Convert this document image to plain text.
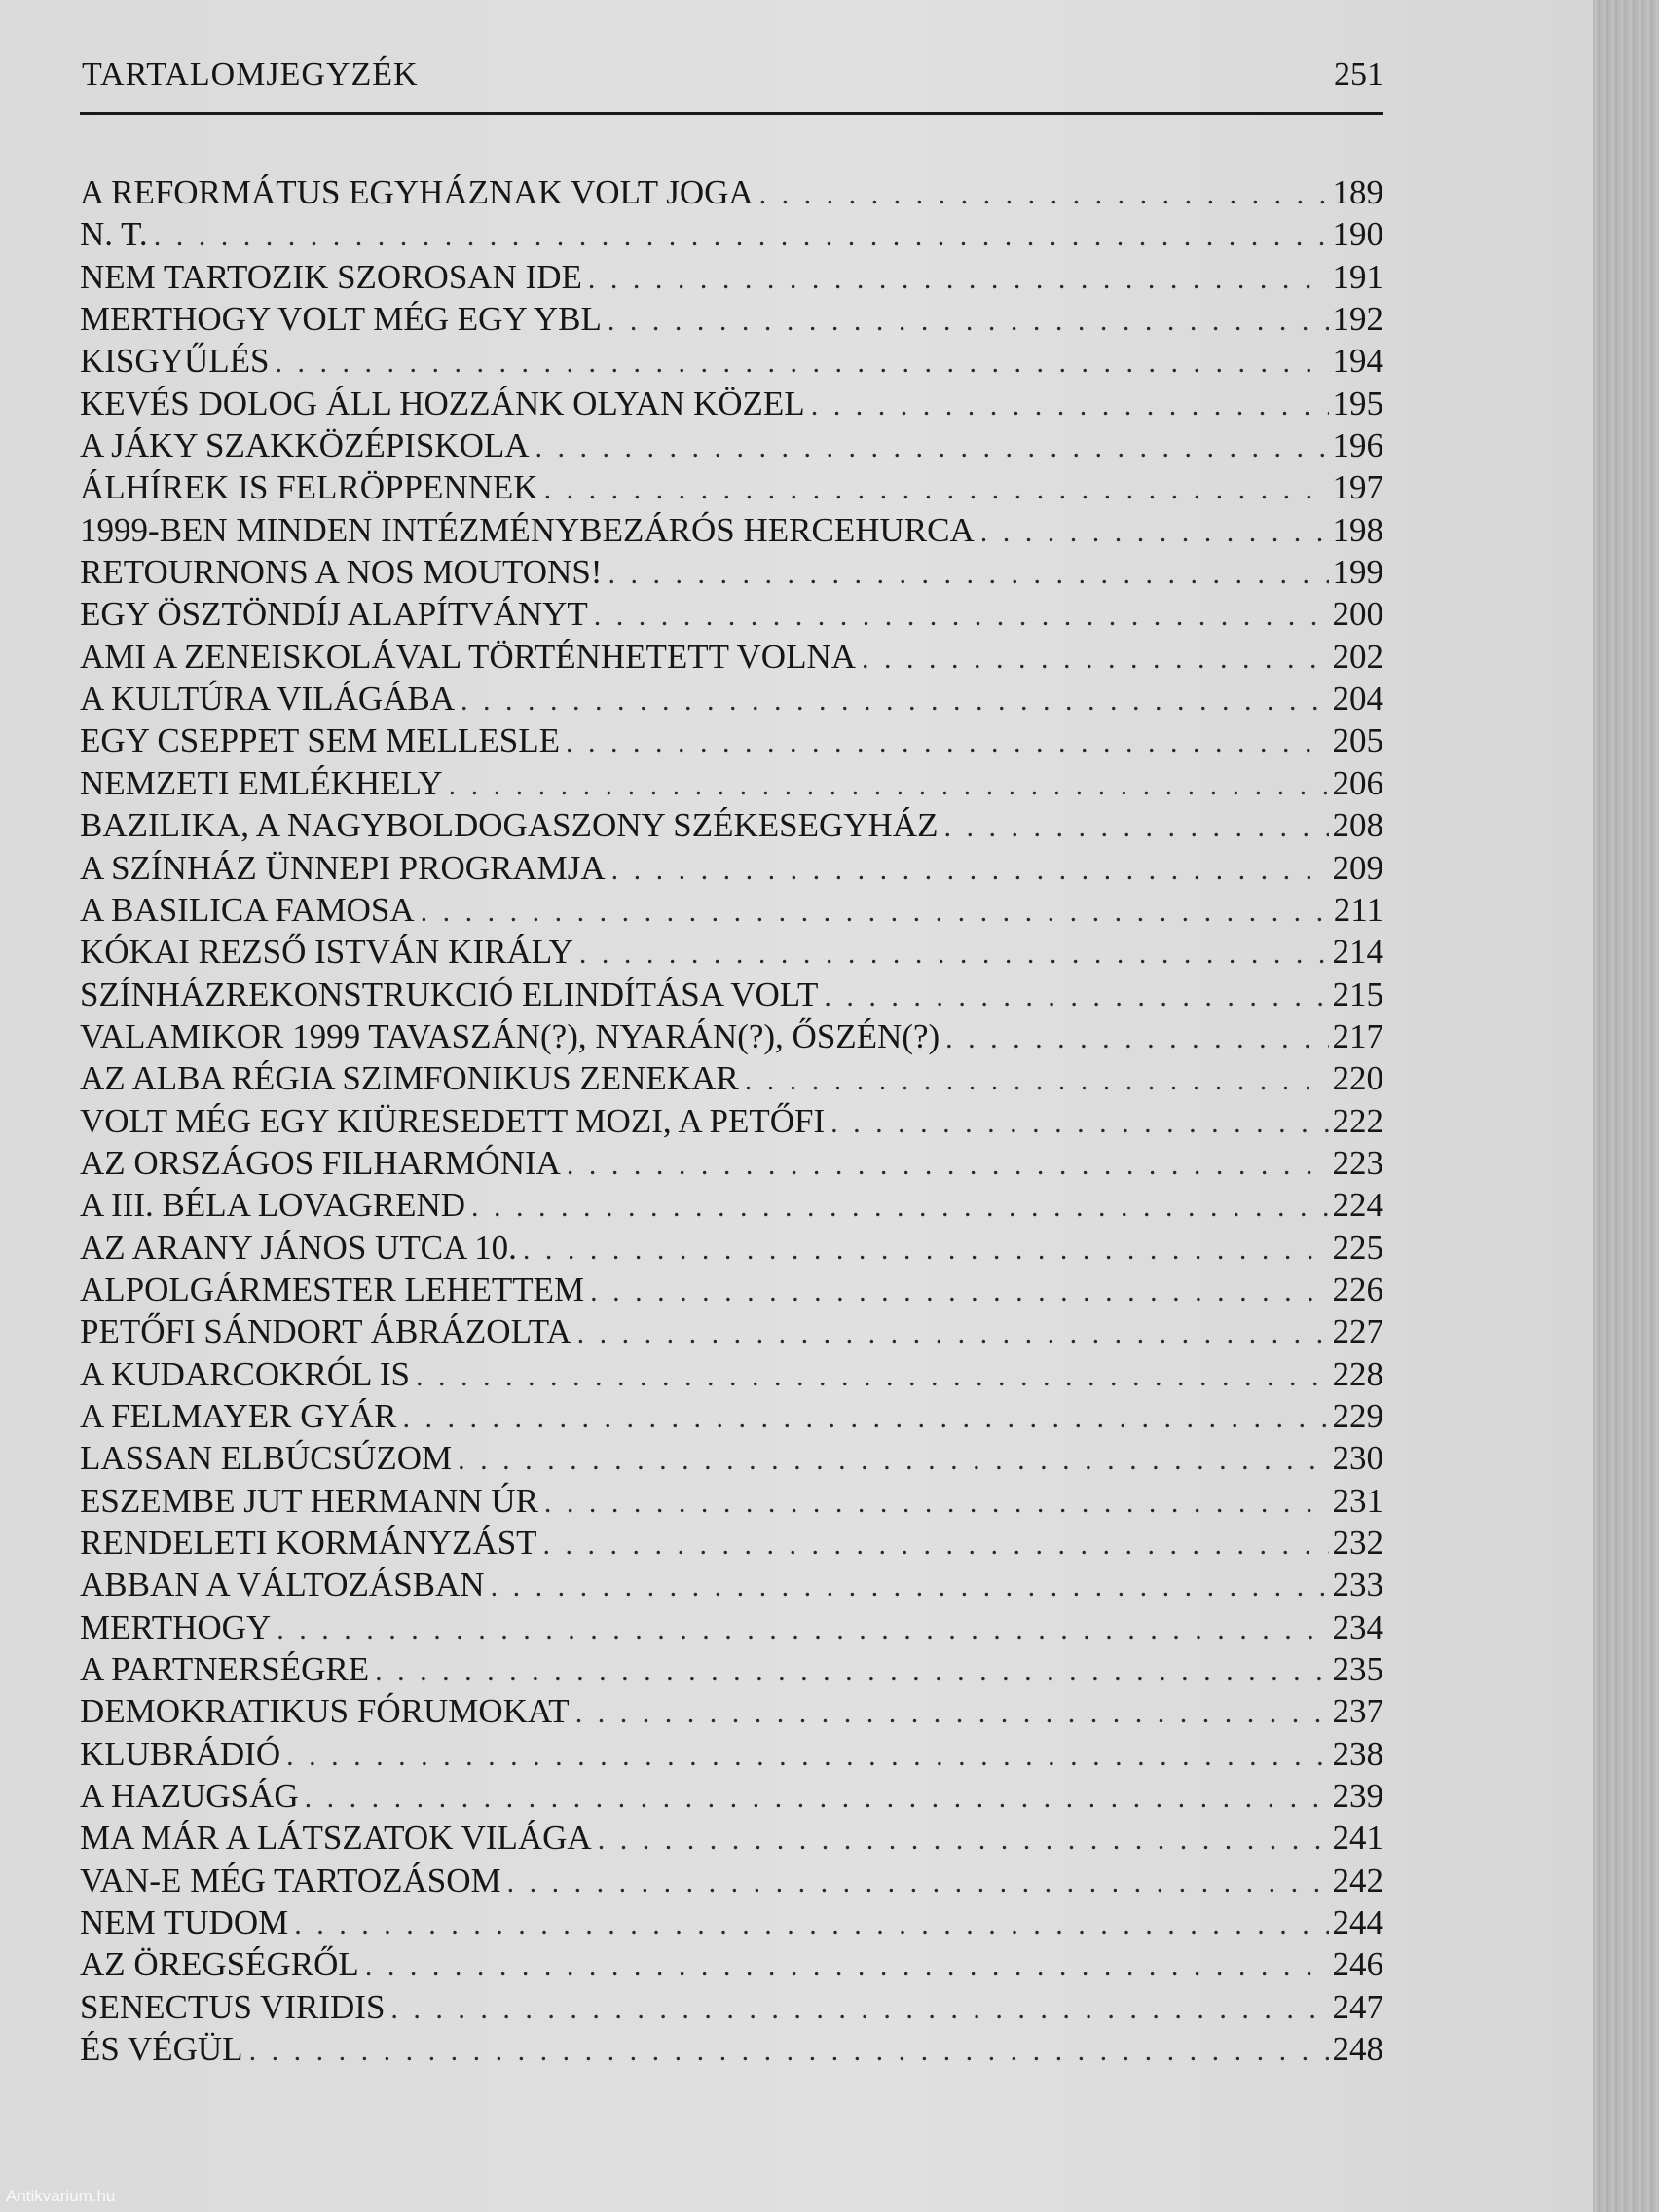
TARTALOMJEGYZÉK	251
A REFORMÁTUS EGYHÁZNAK VOLT JOGA . . .	189
N. T. . . .	190
NEM TARTOZIK SZOROSAN IDE . . .	191
MERTHOGY VOLT MÉG EGY YBL . . .	192
KISGYŰLÉS . . .	194
KEVÉS DOLOG ÁLL HOZZÁNK OLYAN KÖZEL . . .	195
A JÁKY SZAKKÖZÉPISKOLA . . .	196
ÁLHÍREK IS FELRÖPPENNEK . . .	197
1999-BEN MINDEN INTÉZMÉNYBEZÁRÓS HERCEHURCA . . .	198
RETOURNONS A NOS MOUTONS! . . .	199
EGY ÖSZTÖNDÍJ ALAPÍTVÁNYT . . .	200
AMI A ZENEISKOLÁVAL TÖRTÉNHETETT VOLNA . . .	202
A KULTÚRA VILÁGÁBA . . .	204
EGY CSEPPET SEM MELLESLE . . .	205
NEMZETI EMLÉKHELY . . .	206
BAZILIKA, A NAGYBOLDOGASZONY SZÉKESEGYHÁZ . . .	208
A SZÍNHÁZ ÜNNEPI PROGRAMJA . . .	209
A BASILICA FAMOSA . . .	211
KÓKAI REZSŐ ISTVÁN KIRÁLY . . .	214
SZÍNHÁZREKONSTRUKCIÓ ELINDÍTÁSA VOLT . . .	215
VALAMIKOR 1999 TAVASZÁN(?), NYARÁN(?), ŐSZÉN(?) . . .	217
AZ ALBA RÉGIA SZIMFONIKUS ZENEKAR . . .	220
VOLT MÉG EGY KIÜRESEDETT MOZI, A PETŐFI . . .	222
AZ ORSZÁGOS FILHARMÓNIA . . .	223
A III. BÉLA LOVAGREND . . .	224
AZ ARANY JÁNOS UTCA 10. . . .	225
ALPOLGÁRMESTER LEHETTEM . . .	226
PETŐFI SÁNDORT ÁBRÁZOLTA . . .	227
A KUDARCOKRÓL IS . . .	228
A FELMAYER GYÁR . . .	229
LASSAN ELBÚCSÚZOM . . .	230
ESZEMBE JUT HERMANN ÚR . . .	231
RENDELETI KORMÁNYZÁST . . .	232
ABBAN A VÁLTOZÁSBAN . . .	233
MERTHOGY . . .	234
A PARTNERSÉGRE . . .	235
DEMOKRATIKUS FÓRUMOKAT . . .	237
KLUBRÁDIÓ . . .	238
A HAZUGSÁG . . .	239
MA MÁR A LÁTSZATOK VILÁGA . . .	241
VAN-E MÉG TARTOZÁSOM . . .	242
NEM TUDOM . . .	244
AZ ÖREGSÉGRŐL . . .	246
SENECTUS VIRIDIS . . .	247
ÉS VÉGÜL . . .	248
Antikvarium.hu
